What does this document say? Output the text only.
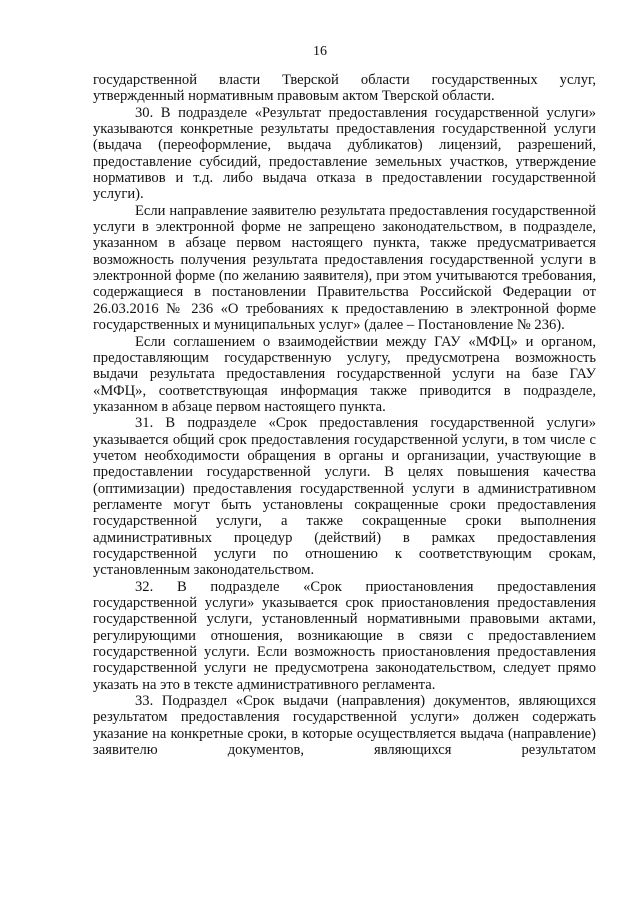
16

государственной власти Тверской области государственных услуг, утвержденный нормативным правовым актом Тверской области.

30. В подразделе «Результат предоставления государственной услуги» указываются конкретные результаты предоставления государственной услуги (выдача (переоформление, выдача дубликатов) лицензий, разрешений, предоставление субсидий, предоставление земельных участков, утверждение нормативов и т.д. либо выдача отказа в предоставлении государственной услуги).

Если направление заявителю результата предоставления государственной услуги в электронной форме не запрещено законодательством, в подразделе, указанном в абзаце первом настоящего пункта, также предусматривается возможность получения результата предоставления государственной услуги в электронной форме (по желанию заявителя), при этом учитываются требования, содержащиеся в постановлении Правительства Российской Федерации от 26.03.2016 № 236 «О требованиях к предоставлению в электронной форме государственных и муниципальных услуг» (далее – Постановление № 236).

Если соглашением о взаимодействии между ГАУ «МФЦ» и органом, предоставляющим государственную услугу, предусмотрена возможность выдачи результата предоставления государственной услуги на базе ГАУ «МФЦ», соответствующая информация также приводится в подразделе, указанном в абзаце первом настоящего пункта.

31. В подразделе «Срок предоставления государственной услуги» указывается общий срок предоставления государственной услуги, в том числе с учетом необходимости обращения в органы и организации, участвующие в предоставлении государственной услуги. В целях повышения качества (оптимизации) предоставления государственной услуги в административном регламенте могут быть установлены сокращенные сроки предоставления государственной услуги, а также сокращенные сроки выполнения административных процедур (действий) в рамках предоставления государственной услуги по отношению к соответствующим срокам, установленным законодательством.

32. В подразделе «Срок приостановления предоставления государственной услуги» указывается срок приостановления предоставления государственной услуги, установленный нормативными правовыми актами, регулирующими отношения, возникающие в связи с предоставлением государственной услуги. Если возможность приостановления предоставления государственной услуги не предусмотрена законодательством, следует прямо указать на это в тексте административного регламента.

33. Подраздел «Срок выдачи (направления) документов, являющихся результатом предоставления государственной услуги» должен содержать указание на конкретные сроки, в которые осуществляется выдача (направление) заявителю документов, являющихся результатом
